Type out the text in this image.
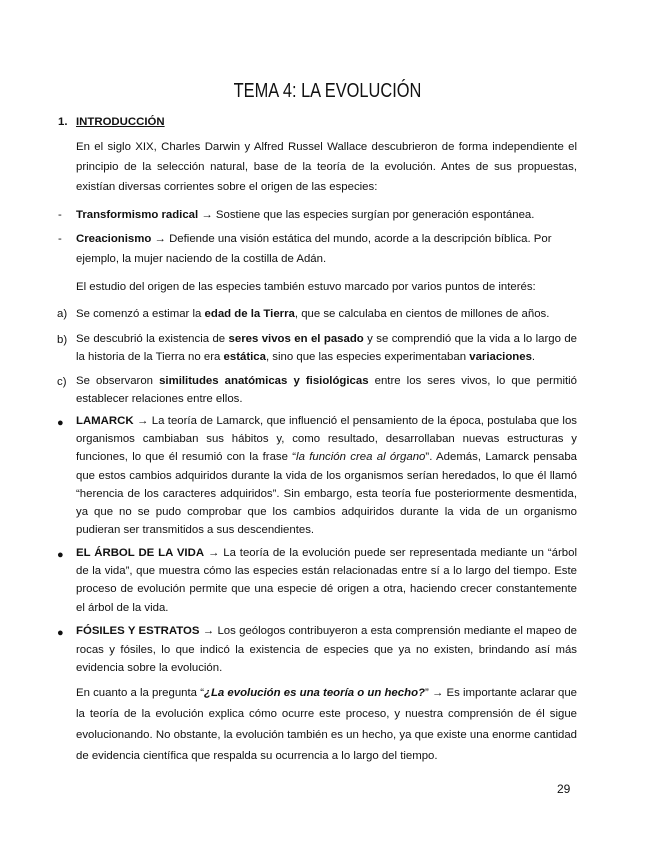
TEMA 4: LA EVOLUCIÓN
1. INTRODUCCIÓN
En el siglo XIX, Charles Darwin y Alfred Russel Wallace descubrieron de forma independiente el principio de la selección natural, base de la teoría de la evolución. Antes de sus propuestas, existían diversas corrientes sobre el origen de las especies:
- Transformismo radical → Sostiene que las especies surgían por generación espontánea.
- Creacionismo → Defiende una visión estática del mundo, acorde a la descripción bíblica. Por ejemplo, la mujer naciendo de la costilla de Adán.
El estudio del origen de las especies también estuvo marcado por varios puntos de interés:
a) Se comenzó a estimar la edad de la Tierra, que se calculaba en cientos de millones de años.
b) Se descubrió la existencia de seres vivos en el pasado y se comprendió que la vida a lo largo de la historia de la Tierra no era estática, sino que las especies experimentaban variaciones.
c) Se observaron similitudes anatómicas y fisiológicas entre los seres vivos, lo que permitió establecer relaciones entre ellos.
● LAMARCK → La teoría de Lamarck, que influenció el pensamiento de la época, postulaba que los organismos cambiaban sus hábitos y, como resultado, desarrollaban nuevas estructuras y funciones, lo que él resumió con la frase “la función crea al órgano”. Además, Lamarck pensaba que estos cambios adquiridos durante la vida de los organismos serían heredados, lo que él llamó “herencia de los caracteres adquiridos”. Sin embargo, esta teoría fue posteriormente desmentida, ya que no se pudo comprobar que los cambios adquiridos durante la vida de un organismo pudieran ser transmitidos a sus descendientes.
● EL ÁRBOL DE LA VIDA → La teoría de la evolución puede ser representada mediante un “árbol de la vida”, que muestra cómo las especies están relacionadas entre sí a lo largo del tiempo. Este proceso de evolución permite que una especie dé origen a otra, haciendo crecer constantemente el árbol de la vida.
● FÓSILES Y ESTRATOS → Los geólogos contribuyeron a esta comprensión mediante el mapeo de rocas y fósiles, lo que indicó la existencia de especies que ya no existen, brindando así más evidencia sobre la evolución.
En cuanto a la pregunta “¿La evolución es una teoría o un hecho?” → Es importante aclarar que la teoría de la evolución explica cómo ocurre este proceso, y nuestra comprensión de él sigue evolucionando. No obstante, la evolución también es un hecho, ya que existe una enorme cantidad de evidencia científica que respalda su ocurrencia a lo largo del tiempo.
29
